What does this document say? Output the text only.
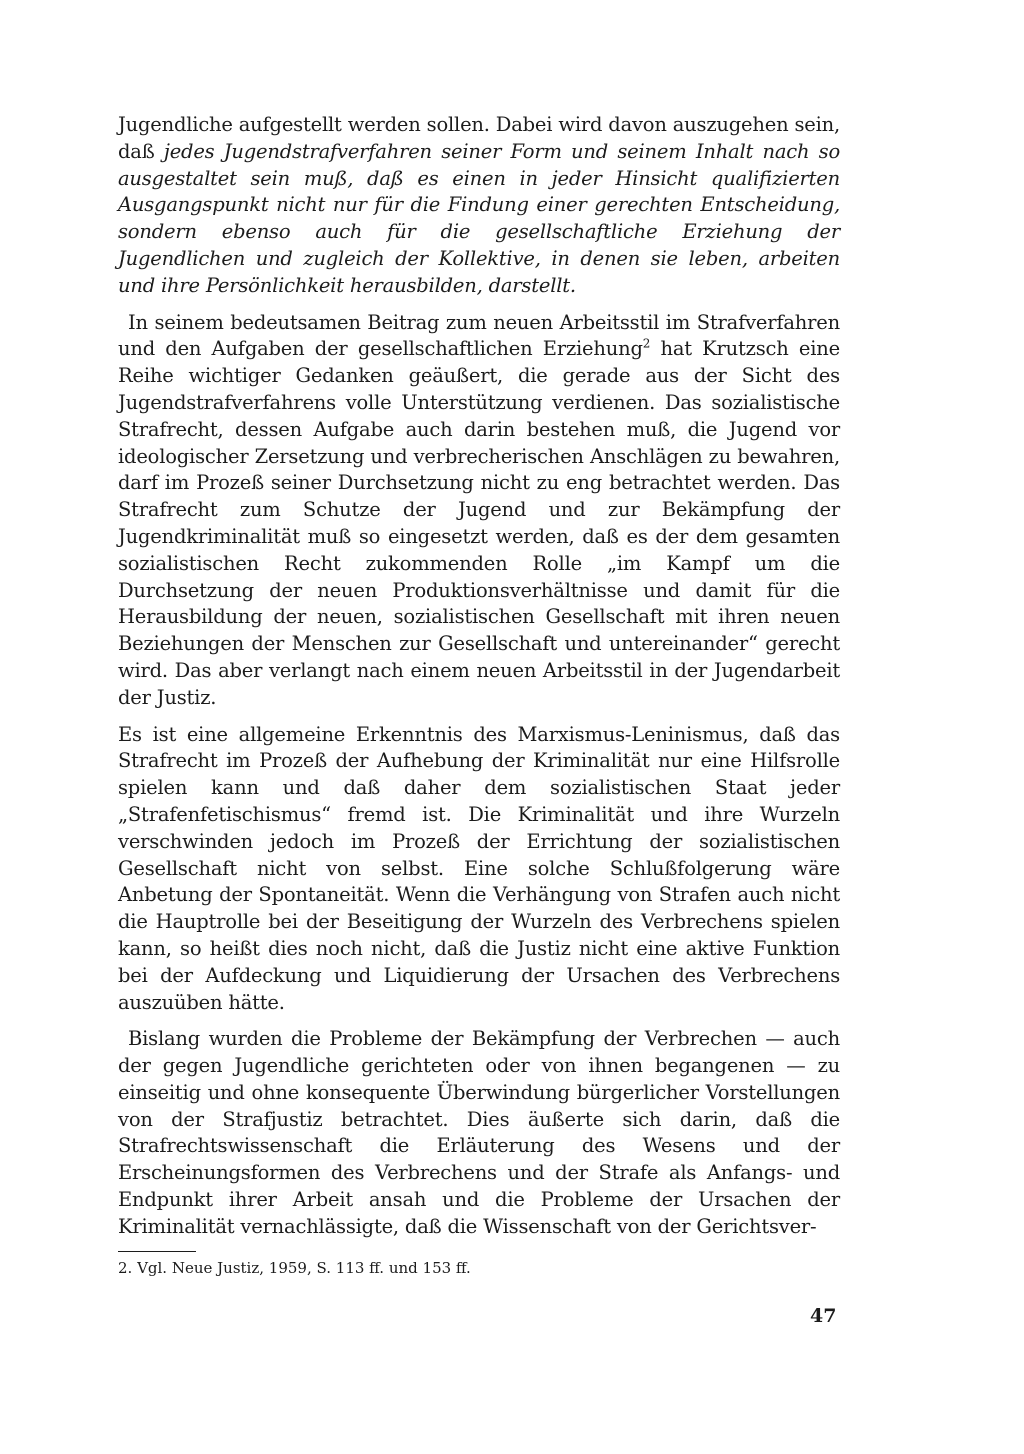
Jugendliche aufgestellt werden sollen. Dabei wird davon auszugehen sein, daß jedes Jugendstrafverfahren seiner Form und seinem Inhalt nach so ausgestaltet sein muß, daß es einen in jeder Hinsicht qualifizierten Ausgangspunkt nicht nur für die Findung einer gerechten Entscheidung, sondern ebenso auch für die gesellschaftliche Erziehung der Jugendlichen und zugleich der Kollektive, in denen sie leben, arbeiten und ihre Persönlichkeit herausbilden, darstellt.

In seinem bedeutsamen Beitrag zum neuen Arbeitsstil im Strafverfahren und den Aufgaben der gesellschaftlichen Erziehung$^2$ hat Krutzsch eine Reihe wichtiger Gedanken geäußert, die gerade aus der Sicht des Jugendstrafverfahrens volle Unterstützung verdienen. Das sozialistische Strafrecht, dessen Aufgabe auch darin bestehen muß, die Jugend vor ideologischer Zersetzung und verbrecherischen Anschlägen zu bewahren, darf im Prozeß seiner Durchsetzung nicht zu eng betrachtet werden. Das Strafrecht zum Schutze der Jugend und zur Bekämpfung der Jugendkriminalität muß so eingesetzt werden, daß es der dem gesamten sozialistischen Recht zukommenden Rolle „im Kampf um die Durchsetzung der neuen Produktionsverhältnisse und damit für die Herausbildung der neuen, sozialistischen Gesellschaft mit ihren neuen Beziehungen der Menschen zur Gesellschaft und untereinander“ gerecht wird. Das aber verlangt nach einem neuen Arbeitsstil in der Jugendarbeit der Justiz.

Es ist eine allgemeine Erkenntnis des Marxismus-Leninismus, daß das Strafrecht im Prozeß der Aufhebung der Kriminalität nur eine Hilfsrolle spielen kann und daß daher dem sozialistischen Staat jeder „Strafenfetischismus“ fremd ist. Die Kriminalität und ihre Wurzeln verschwinden jedoch im Prozeß der Errichtung der sozialistischen Gesellschaft nicht von selbst. Eine solche Schlußfolgerung wäre Anbetung der Spontaneität. Wenn die Verhängung von Strafen auch nicht die Hauptrolle bei der Beseitigung der Wurzeln des Verbrechens spielen kann, so heißt dies noch nicht, daß die Justiz nicht eine aktive Funktion bei der Aufdeckung und Liquidierung der Ursachen des Verbrechens auszuüben hätte.

Bislang wurden die Probleme der Bekämpfung der Verbrechen — auch der gegen Jugendliche gerichteten oder von ihnen begangenen — zu einseitig und ohne konsequente Überwindung bürgerlicher Vorstellungen von der Strafjustiz betrachtet. Dies äußerte sich darin, daß die Strafrechtswissenschaft die Erläuterung des Wesens und der Erscheinungsformen des Verbrechens und der Strafe als Anfangs- und Endpunkt ihrer Arbeit ansah und die Probleme der Ursachen der Kriminalität vernachlässigte, daß die Wissenschaft von der Gerichtsver-

2. Vgl. Neue Justiz, 1959, S. 113 ff. und 153 ff.

47
